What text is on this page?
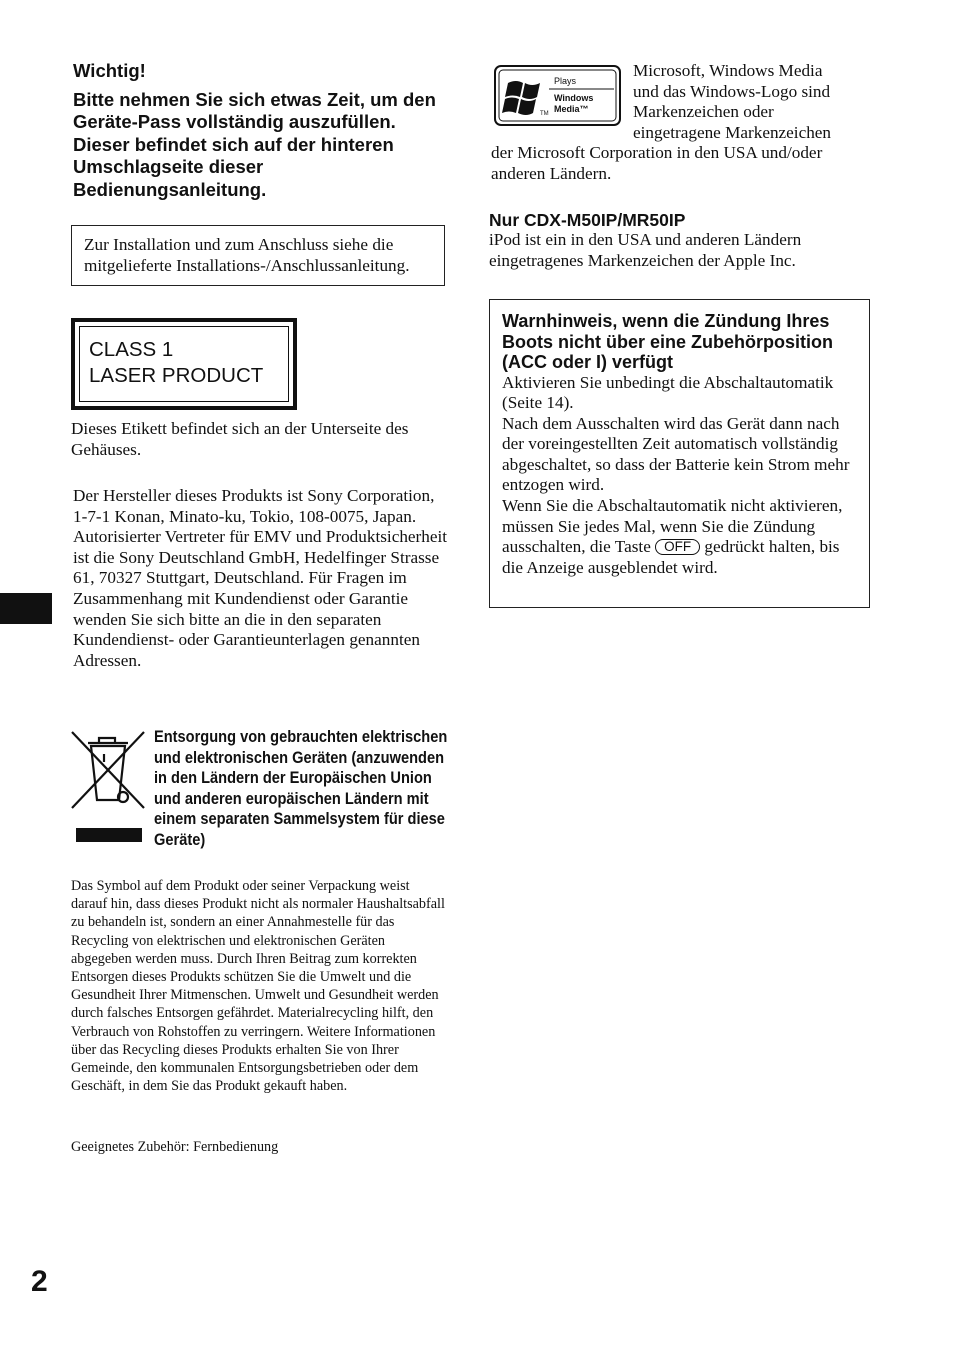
Wichtig!
Bitte nehmen Sie sich etwas Zeit, um den Geräte-Pass vollständig auszufüllen. Dieser befindet sich auf der hinteren Umschlagseite dieser Bedienungsanleitung.
Zur Installation und zum Anschluss siehe die mitgelieferte Installations-/Anschlussanleitung.
CLASS 1
LASER PRODUCT
Dieses Etikett befindet sich an der Unterseite des Gehäuses.

Der Hersteller dieses Produkts ist Sony Corporation, 1-7-1 Konan, Minato-ku, Tokio, 108-0075, Japan.

Autorisierter Vertreter für EMV und Produktsicherheit ist die Sony Deutschland GmbH, Hedelfinger Strasse 61, 70327 Stuttgart, Deutschland. Für Fragen im Zusammenhang mit Kundendienst oder Garantie wenden Sie sich bitte an die in den separaten Kundendienst- oder Garantieunterlagen genannten Adressen.

Entsorgung von gebrauchten elektrischen und elektronischen Geräten (anzuwenden in den Ländern der Europäischen Union und anderen europäischen Ländern mit einem separaten Sammelsystem für diese Geräte)
Das Symbol auf dem Produkt oder seiner Verpackung weist darauf hin, dass dieses Produkt nicht als normaler Haushaltsabfall zu behandeln ist, sondern an einer Annahmestelle für das Recycling von elektrischen und elektronischen Geräten abgegeben werden muss. Durch Ihren Beitrag zum korrekten Entsorgen dieses Produkts schützen Sie die Umwelt und die Gesundheit Ihrer Mitmenschen. Umwelt und Gesundheit werden durch falsches Entsorgen gefährdet. Materialrecycling hilft, den Verbrauch von Rohstoffen zu verringern. Weitere Informationen über das Recycling dieses Produkts erhalten Sie von Ihrer Gemeinde, den kommunalen Entsorgungsbetrieben oder dem Geschäft, in dem Sie das Produkt gekauft haben.
Geeignetes Zubehör: Fernbedienung
Plays
Windows
Media™
TM
Microsoft, Windows Media
und das Windows-Logo sind
Markenzeichen oder
eingetragene Markenzeichen
der Microsoft Corporation in den USA und/oder anderen Ländern.
Nur CDX-M50IP/MR50IP
iPod ist ein in den USA und anderen Ländern eingetragenes Markenzeichen der Apple Inc.
Warnhinweis, wenn die Zündung Ihres Boots nicht über eine Zubehörposition (ACC oder I) verfügt

Aktivieren Sie unbedingt die Abschaltautomatik (Seite 14).

Nach dem Ausschalten wird das Gerät dann nach der voreingestellten Zeit automatisch vollständig abgeschaltet, so dass der Batterie kein Strom mehr entzogen wird.

Wenn Sie die Abschaltautomatik nicht aktivieren, müssen Sie jedes Mal, wenn Sie die Zündung ausschalten, die Taste OFF gedrückt halten, bis die Anzeige ausgeblendet wird.

2
